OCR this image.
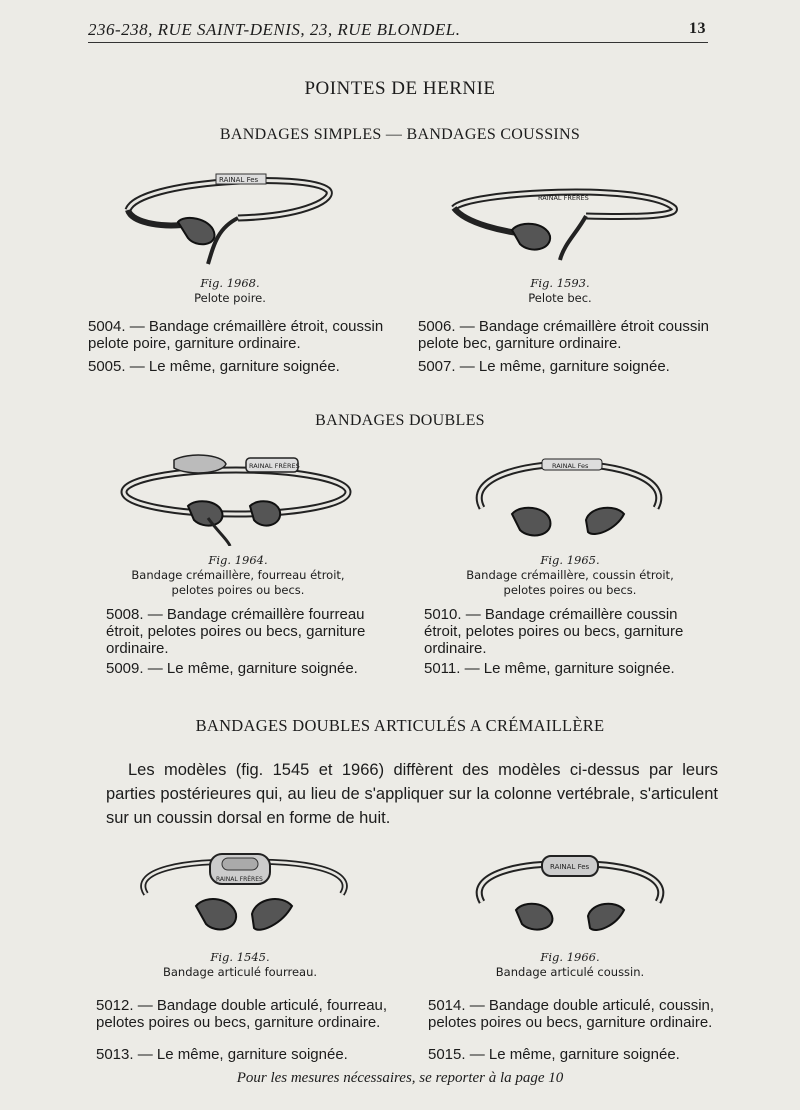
236-238, RUE SAINT-DENIS, 23, RUE BLONDEL.	13
POINTES DE HERNIE
BANDAGES SIMPLES — BANDAGES COUSSINS
RAINAL Fes
RAINAL FRÈRES
Fig. 1968.
Pelote poire.
Fig. 1593.
Pelote bec.
5004. — Bandage crémaillère étroit, coussin pelote poire, garniture ordinaire.
5005. — Le même, garniture soignée.
5006. — Bandage crémaillère étroit coussin pelote bec, garniture ordinaire.
5007. — Le même, garniture soignée.
BANDAGES DOUBLES
RAINAL FRÈRES	RAINAL Fes
Fig. 1964.
Bandage crémaillère, fourreau étroit, pelotes poires ou becs.
Fig. 1965.
Bandage crémaillère, coussin étroit, pelotes poires ou becs.
5008. — Bandage crémaillère fourreau étroit, pelotes poires ou becs, garniture ordinaire.
5009. — Le même, garniture soignée.
5010. — Bandage crémaillère coussin étroit, pelotes poires ou becs, garniture ordinaire.
5011. — Le même, garniture soignée.
BANDAGES DOUBLES ARTICULÉS A CRÉMAILLÈRE
Les modèles (fig. 1545 et 1966) diffèrent des modèles ci-dessus par leurs parties postérieures qui, au lieu de s'appliquer sur la colonne vertébrale, s'articulent sur un coussin dorsal en forme de huit.
RAINAL FRÈRES
RAINAL Fes
Fig. 1545.
Bandage articulé fourreau.
Fig. 1966.
Bandage articulé coussin.
5012. — Bandage double articulé, fourreau, pelotes poires ou becs, garniture ordinaire.
5013. — Le même, garniture soignée.
5014. — Bandage double articulé, coussin, pelotes poires ou becs, garniture ordinaire.
5015. — Le même, garniture soignée.
Pour les mesures nécessaires, se reporter à la page 10
